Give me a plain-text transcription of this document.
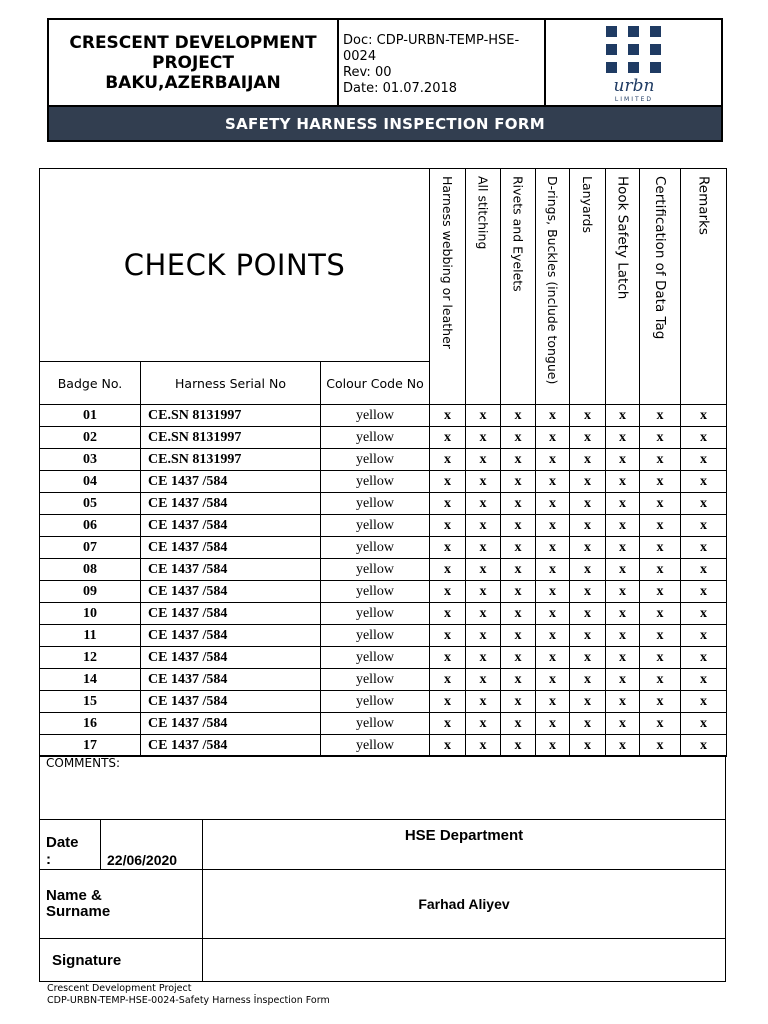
CRESCENT DEVELOPMENT
PROJECT
BAKU,AZERBAIJAN
Doc: CDP-URBN-TEMP-HSE-
0024
Rev: 00
Date: 01.07.2018	urbn
LIMITED
SAFETY HARNESS INSPECTION FORM
CHECK POINTS			Harness webbing or leather	All stitching	Rivets and Eyelets	D-rings, Buckles (include tongue)	Lanyards	Hook Safety Latch	Certification of Data Tag	Remarks

Badge No.	Harness Serial No	Colour Code No								
01	CE.SN 8131997	yellow	x	x	x	x	x	x	x	x
02	CE.SN 8131997	yellow	x	x	x	x	x	x	x	x
03	CE.SN 8131997	yellow	x	x	x	x	x	x	x	x
04	CE 1437 /584	yellow	x	x	x	x	x	x	x	x
05	CE 1437 /584	yellow	x	x	x	x	x	x	x	x
06	CE 1437 /584	yellow	x	x	x	x	x	x	x	x
07	CE 1437 /584	yellow	x	x	x	x	x	x	x	x
08	CE 1437 /584	yellow	x	x	x	x	x	x	x	x
09	CE 1437 /584	yellow	x	x	x	x	x	x	x	x
10	CE 1437 /584	yellow	x	x	x	x	x	x	x	x
11	CE 1437 /584	yellow	x	x	x	x	x	x	x	x
12	CE 1437 /584	yellow	x	x	x	x	x	x	x	x
14	CE 1437 /584	yellow	x	x	x	x	x	x	x	x
15	CE 1437 /584	yellow	x	x	x	x	x	x	x	x
16	CE 1437 /584	yellow	x	x	x	x	x	x	x	x
17	CE 1437 /584	yellow	x	x	x	x	x	x	x	x
COMMENTS:		

Date
:	22/06/2020	HSE Department

Name &
Surname		Farhad Aliyev
Signature		
Crescent Development Project
CDP-URBN-TEMP-HSE-0024-Safety Harness İnspection Form
